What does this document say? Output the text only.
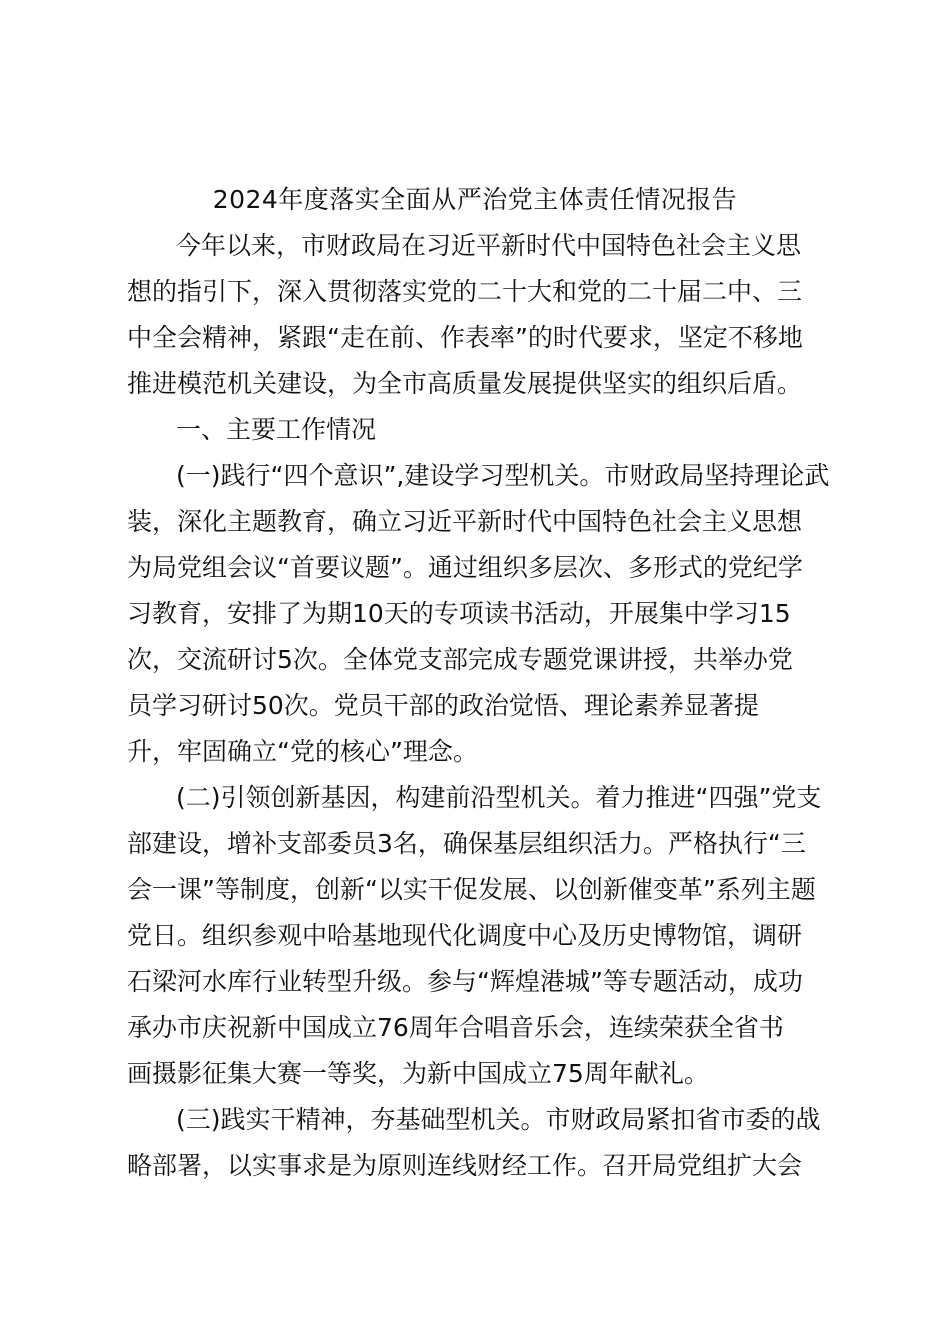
2024年度落实全面从严治党主体责任情况报告

今年以来，市财政局在习近平新时代中国特色社会主义思

想的指引下，深入贯彻落实党的二十大和党的二十届二中、三

中全会精神，紧跟“走在前、作表率”的时代要求，坚定不移地

推进模范机关建设，为全市高质量发展提供坚实的组织后盾。

一、主要工作情况

(一)践行“四个意识”,建设学习型机关。市财政局坚持理论武

装，深化主题教育，确立习近平新时代中国特色社会主义思想

为局党组会议“首要议题”。通过组织多层次、多形式的党纪学

习教育，安排了为期10天的专项读书活动，开展集中学习15

次，交流研讨5次。全体党支部完成专题党课讲授，共举办党

员学习研讨50次。党员干部的政治觉悟、理论素养显著提

升，牢固确立“党的核心”理念。

(二)引领创新基因，构建前沿型机关。着力推进“四强”党支

部建设，增补支部委员3名，确保基层组织活力。严格执行“三

会一课”等制度，创新“以实干促发展、以创新催变革”系列主题

党日。组织参观中哈基地现代化调度中心及历史博物馆，调研

石梁河水库行业转型升级。参与“辉煌港城”等专题活动，成功

承办市庆祝新中国成立76周年合唱音乐会，连续荣获全省书

画摄影征集大赛一等奖，为新中国成立75周年献礼。

(三)践实干精神，夯基础型机关。市财政局紧扣省市委的战

略部署，以实事求是为原则连线财经工作。召开局党组扩大会
